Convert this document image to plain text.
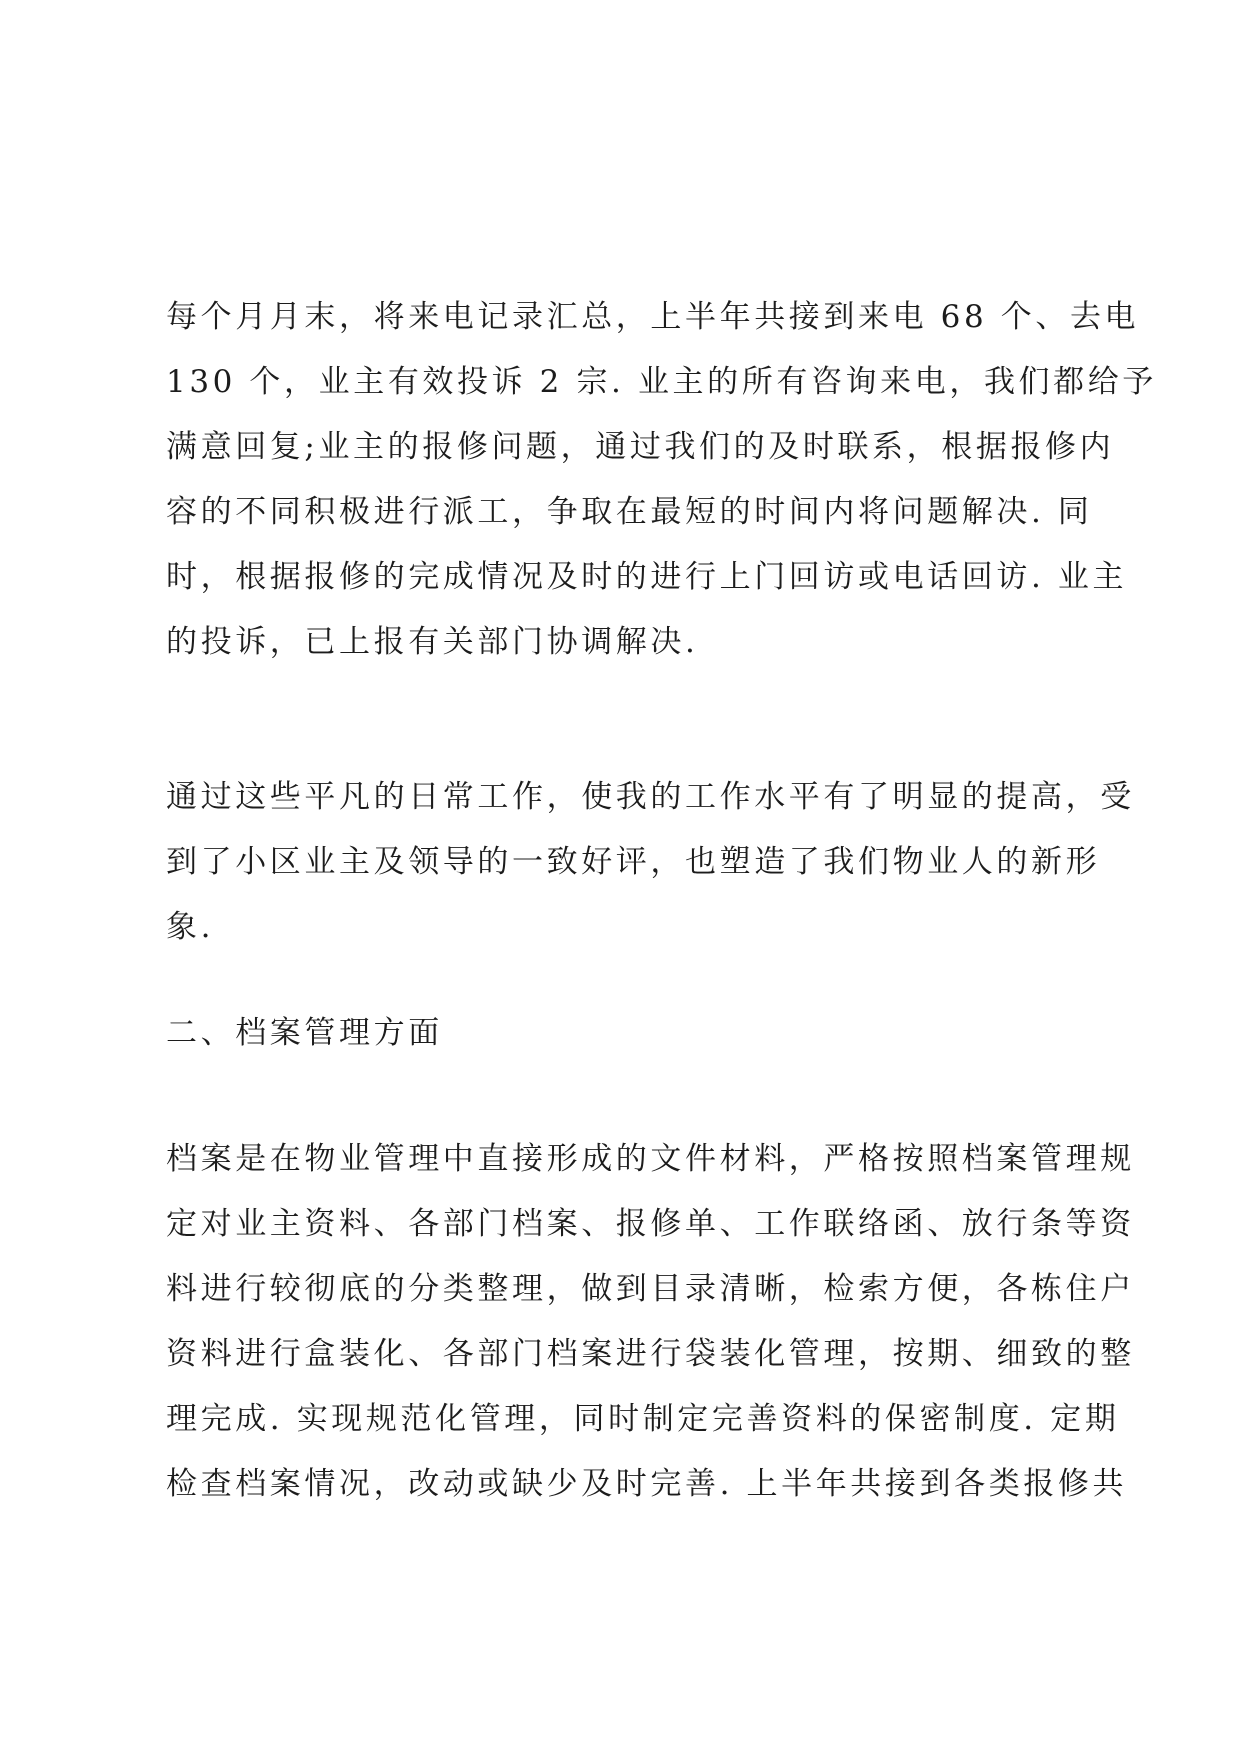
每个月月末，将来电记录汇总，上半年共接到来电 68 个、去电
130 个，业主有效投诉 2 宗. 业主的所有咨询来电，我们都给予
满意回复;业主的报修问题，通过我们的及时联系，根据报修内
容的不同积极进行派工，争取在最短的时间内将问题解决. 同
时，根据报修的完成情况及时的进行上门回访或电话回访. 业主
的投诉，已上报有关部门协调解决.
通过这些平凡的日常工作，使我的工作水平有了明显的提高，受
到了小区业主及领导的一致好评，也塑造了我们物业人的新形
象.
二、档案管理方面
档案是在物业管理中直接形成的文件材料，严格按照档案管理规
定对业主资料、各部门档案、报修单、工作联络函、放行条等资
料进行较彻底的分类整理，做到目录清晰，检索方便，各栋住户
资料进行盒装化、各部门档案进行袋装化管理，按期、细致的整
理完成. 实现规范化管理，同时制定完善资料的保密制度. 定期
检查档案情况，改动或缺少及时完善. 上半年共接到各类报修共
